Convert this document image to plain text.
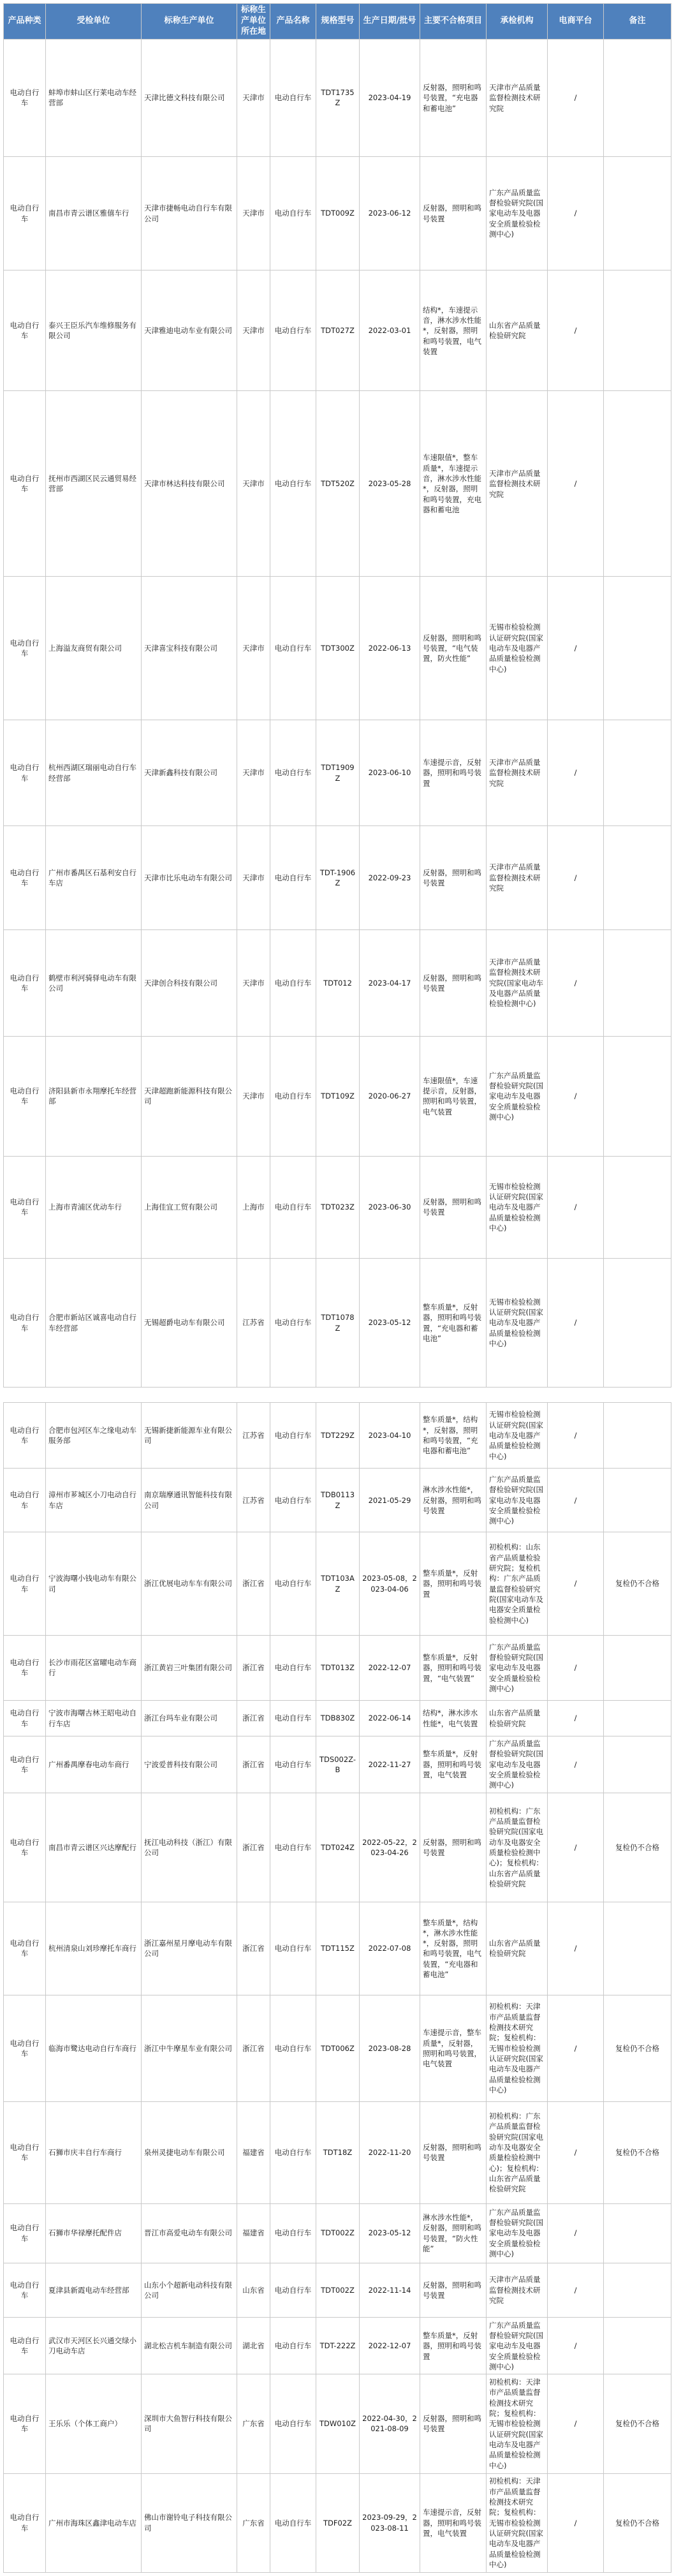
产品种类	受检单位	标称生产单位	标称生产单位所在地	产品名称	规格型号	生产日期/批号	主要不合格项目	承检机构	电商平台	备注
电动自行车	蚌埠市蚌山区行莱电动车经营部	天津比德文科技有限公司	天津市	电动自行车	TDT1735Z	2023-04-19	反射器，照明和鸣号装置，“充电器和蓄电池”	天津市产品质量监督检测技术研究院	/	
电动自行车	南昌市青云谱区雅僖车行	天津市捷畅电动自行车有限公司	天津市	电动自行车	TDT009Z	2023-06-12	反射器，照明和鸣号装置	广东产品质量监督检验研究院(国家电动车及电器安全质量检验检测中心)	/	
电动自行车	泰兴王臣乐汽车维修服务有限公司	天津雅迪电动车业有限公司	天津市	电动自行车	TDT027Z	2022-03-01	结构*，车速提示音，淋水涉水性能*，反射器，照明和鸣号装置，电气装置	山东省产品质量检验研究院	/	
电动自行车	抚州市西湖区民云通贸易经营部	天津市林达科技有限公司	天津市	电动自行车	TDT520Z	2023-05-28	车速限值*，整车质量*，车速提示音，淋水涉水性能*，反射器，照明和鸣号装置，充电器和蓄电池	天津市产品质量监督检测技术研究院	/	
电动自行车	上海溢友商贸有限公司	天津喜宝科技有限公司	天津市	电动自行车	TDT300Z	2022-06-13	反射器，照明和鸣号装置，“电气装置，防火性能”	无锡市检验检测认证研究院(国家电动车及电器产品质量检验检测中心)	/	
电动自行车	杭州西湖区瑞丽电动自行车经营部	天津新鑫科技有限公司	天津市	电动自行车	TDT1909Z	2023-06-10	车速提示音，反射器，照明和鸣号装置	天津市产品质量监督检测技术研究院	/	
电动自行车	广州市番禺区石基利安自行车店	天津市比乐电动车有限公司	天津市	电动自行车	TDT-1906Z	2022-09-23	反射器，照明和鸣号装置	天津市产品质量监督检测技术研究院	/	
电动自行车	鹤壁市利河骑驿电动车有限公司	天津创合科技有限公司	天津市	电动自行车	TDT012	2023-04-17	反射器，照明和鸣号装置	天津市产品质量监督检测技术研究院(国家电动车及电器产品质量检验检测中心)	/	
电动自行车	济阳县新市永翔摩托车经营部	天津超跑新能源科技有限公司	天津市	电动自行车	TDT109Z	2020-06-27	车速限值*，车速提示音，反射器，照明和鸣号装置，电气装置	广东产品质量监督检验研究院(国家电动车及电器安全质量检验检测中心)	/	
电动自行车	上海市青浦区优动车行	上海佳宜工贸有限公司	上海市	电动自行车	TDT023Z	2023-06-30	反射器，照明和鸣号装置	无锡市检验检测认证研究院(国家电动车及电器产品质量检验检测中心)	/	
电动自行车	合肥市新站区诚喜电动自行车经营部	无锡超爵电动车有限公司	江苏省	电动自行车	TDT1078Z	2023-05-12	整车质量*，反射器，照明和鸣号装置，“充电器和蓄电池”	无锡市检验检测认证研究院(国家电动车及电器产品质量检验检测中心)	/	
电动自行车	合肥市包河区车之缘电动车服务部	无锡新捷新能源车业有限公司	江苏省	电动自行车	TDT229Z	2023-04-10	整车质量*，结构*，反射器，照明和鸣号装置，“充电器和蓄电池”	无锡市检验检测认证研究院(国家电动车及电器产品质量检验检测中心)	/	
电动自行车	漳州市芗城区小刀电动自行车店	南京瑞摩通讯智能科技有限公司	江苏省	电动自行车	TDB0113Z	2021-05-29	淋水涉水性能*，反射器，照明和鸣号装置	广东产品质量监督检验研究院(国家电动车及电器安全质量检验检测中心)	/	
电动自行车	宁波海曙小钱电动车有限公司	浙江优展电动车车有限公司	浙江省	电动自行车	TDT103AZ	2023-05-08，2023-04-06	整车质量*，反射器，照明和鸣号装置	初检机构：山东省产品质量检验研究院；复检机构：广东产品质量监督检验研究院(国家电动车及电器安全质量检验检测中心)	/	复检仍不合格
电动自行车	长沙市雨花区富曜电动车商行	浙江黄岩三叶集团有限公司	浙江省	电动自行车	TDT013Z	2022-12-07	整车质量*，反射器，照明和鸣号装置，“电气装置”	广东产品质量监督检验研究院(国家电动车及电器安全质量检验检测中心)	/	
电动自行车	宁波市海曙古林王昭电动自行车店	浙江台玛车业有限公司	浙江省	电动自行车	TDB830Z	2022-06-14	结构*，淋水涉水性能*，电气装置	山东省产品质量检验研究院	/	
电动自行车	广州番禺摩春电动车商行	宁波爱普科技有限公司	浙江省	电动自行车	TDS002Z-B	2022-11-27	整车质量*，反射器，照明和鸣号装置，电气装置	广东产品质量监督检验研究院(国家电动车及电器安全质量检验检测中心)	/	
电动自行车	南昌市青云谱区兴达摩配行	抚江电动科技（浙江）有限公司	浙江省	电动自行车	TDT024Z	2022-05-22，2023-04-26	反射器，照明和鸣号装置	初检机构：广东产品质量监督检验研究院(国家电动车及电器安全质量检验检测中心)；复检机构：山东省产品质量检验研究院	/	复检仍不合格
电动自行车	杭州清泉山刘珍摩托车商行	浙江嘉州星月摩电动车有限公司	浙江省	电动自行车	TDT115Z	2022-07-08	整车质量*，结构*，淋水涉水性能*，反射器，照明和鸣号装置，电气装置，“充电器和蓄电池”	山东省产品质量检验研究院	/	
电动自行车	临海市鹭达电动自行车商行	浙江中牛摩星车业有限公司	浙江省	电动自行车	TDT006Z	2023-08-28	车速提示音，整车质量*，反射器，照明和鸣号装置，电气装置	初检机构：天津市产品质量监督检测技术研究院；复检机构：无锡市检验检测认证研究院(国家电动车及电器产品质量检验检测中心)	/	复检仍不合格
电动自行车	石狮市庆丰自行车商行	泉州灵捷电动车有限公司	福建省	电动自行车	TDT18Z	2022-11-20	反射器，照明和鸣号装置	初检机构：广东产品质量监督检验研究院(国家电动车及电器安全质量检验检测中心)；复检机构：山东省产品质量检验研究院	/	复检仍不合格
电动自行车	石狮市华禄摩托配件店	晋江市高爱电动车有限公司	福建省	电动自行车	TDT002Z	2023-05-12	淋水涉水性能*，反射器，照明和鸣号装置，“防火性能”	广东产品质量监督检验研究院(国家电动车及电器安全质量检验检测中心)	/	
电动自行车	夏津县新霞电动车经营部	山东小个超新电动科技有限公司	山东省	电动自行车	TDT002Z	2022-11-14	反射器，照明和鸣号装置	天津市产品质量监督检测技术研究院	/	
电动自行车	武汉市天河区长兴通交绿小刀电动车店	湖北松吉机车制造有限公司	湖北省	电动自行车	TDT-222Z	2022-12-07	整车质量*，反射器，照明和鸣号装置	广东产品质量监督检验研究院(国家电动车及电器安全质量检验检测中心)	/	
电动自行车	王乐乐（个体工商户）	深圳市大鱼智行科技有限公司	广东省	电动自行车	TDW010Z	2022-04-30，2021-08-09	反射器，照明和鸣号装置	初检机构：天津市产品质量监督检测技术研究院；复检机构：无锡市检验检测认证研究院(国家电动车及电器产品质量检验检测中心)	/	复检仍不合格
电动自行车	广州市海珠区鑫津电动车店	佛山市谢铃电子科技有限公司	广东省	电动自行车	TDF02Z	2023-09-29，2023-08-11	车速提示音，反射器，照明和鸣号装置，电气装置	初检机构：天津市产品质量监督检测技术研究院；复检机构：无锡市检验检测认证研究院(国家电动车及电器产品质量检验检测中心)	/	复检仍不合格
